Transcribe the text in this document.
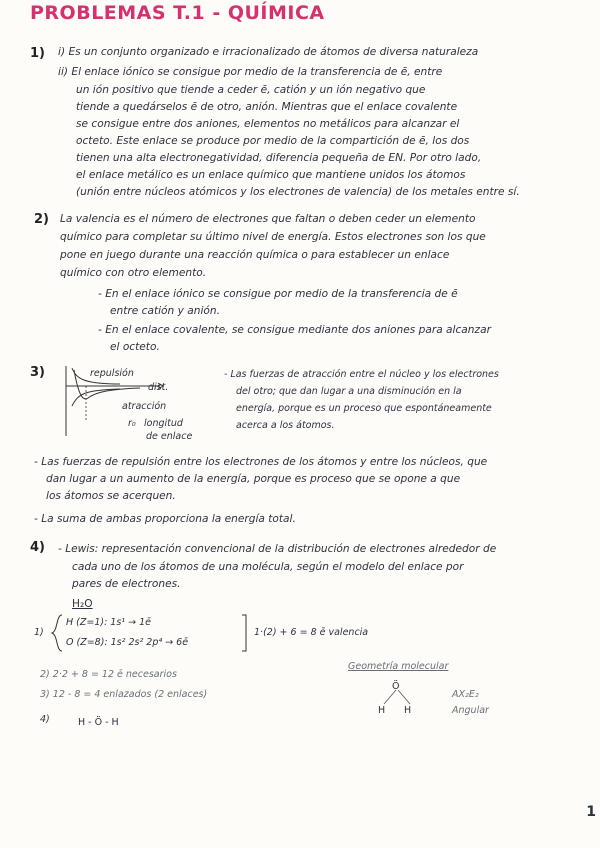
PROBLEMAS T.1 - QUÍMICA
1) i) Es un conjunto organizado e irracionalizado de átomos de diversa naturaleza
ii) El enlace iónico se consigue por medio de la transferencia de ē, entre
un ión positivo que tiende a ceder ē, catión y un ión negativo que
tiende a quedárselos ē de otro, anión. Mientras que el enlace covalente
se consigue entre dos aniones, elementos no metálicos para alcanzar el
octeto. Este enlace se produce por medio de la compartición de ē, los dos
tienen una alta electronegatividad, diferencia pequeña de EN. Por otro lado,
el enlace metálico es un enlace químico que mantiene unidos los átomos
(unión entre núcleos atómicos y los electrones de valencia) de los metales entre sí.
2) La valencia es el número de electrones que faltan o deben ceder un elemento
químico para completar su último nivel de energía. Estos electrones son los que
pone en juego durante una reacción química o para establecer un enlace
químico con otro elemento.
- En el enlace iónico se consigue por medio de la transferencia de ē
entre catión y anión.
- En el enlace covalente, se consigue mediante dos aniones para alcanzar
el octeto.
3)	repulsión
dist.
atracción
r₀ longitud
de enlace
- Las fuerzas de atracción entre el núcleo y los electrones
del otro; que dan lugar a una disminución en la
energía, porque es un proceso que espontáneamente
acerca a los átomos.
- Las fuerzas de repulsión entre los electrones de los átomos y entre los núcleos, que
dan lugar a un aumento de la energía, porque es proceso que se opone a que
los átomos se acerquen.
- La suma de ambas proporciona la energía total.
4) - Lewis: representación convencional de la distribución de electrones alrededor de
cada uno de los átomos de una molécula, según el modelo del enlace por
pares de electrones.
H₂O
1)
H (Z=1): 1s¹ → 1ē
O (Z=8): 1s² 2s² 2p⁴ → 6ē
1·(2) + 6 = 8 ē valencia
2) 2·2 + 8 = 12 ē necesarios
3) 12 - 8 = 4 enlazados (2 enlaces)
4)	H - Ö - H
Geometría molecular
Ö
H H
AX₂E₂
Angular
1
